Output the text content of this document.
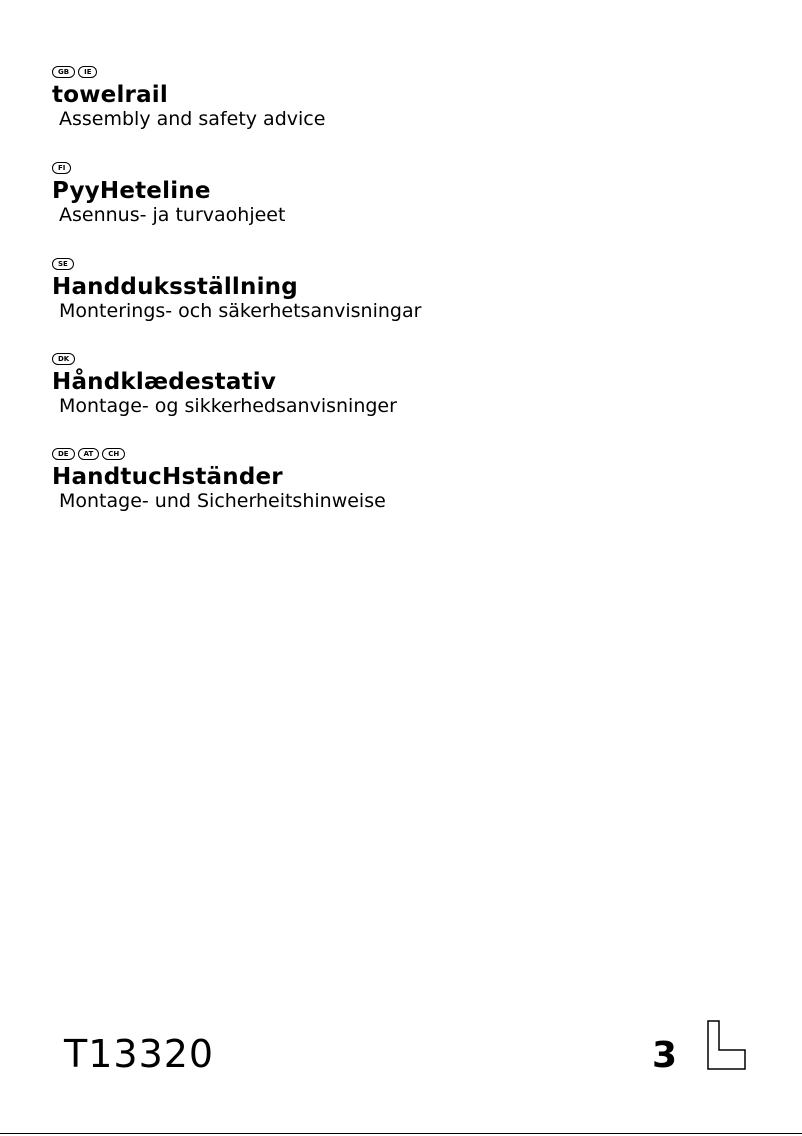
GB	IE
towelrail
Assembly and safety advice
FI
PyyHeteline
Asennus- ja turvaohjeet
SE
Handduksställning
Monterings- och säkerhetsanvisningar
DK
Håndklædestativ
Montage- og sikkerhedsanvisninger
DE	AT	CH
HandtucHständer
Montage- und Sicherheitshinweise
T13320	3
